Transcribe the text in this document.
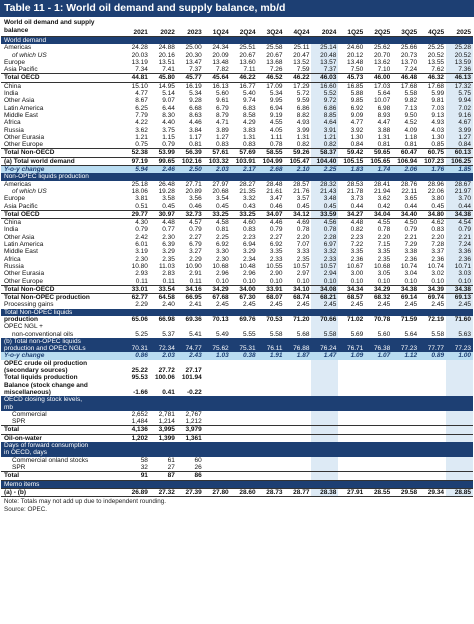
Table 11 - 1: World oil demand and supply balance, mb/d
World oil demand and supply
balance	2021	2022	2023	1Q24	2Q24	3Q24	4Q24	2024	1Q25	2Q25	3Q25	4Q25	2025
World demand													
Americas	24.28	24.88	25.00	24.34	25.51	25.58	25.11	25.14	24.60	25.62	25.66	25.25	25.28
of which US	20.03	20.16	20.30	20.09	20.67	20.67	20.47	20.48	20.12	20.70	20.73	20.52	20.52
Europe	13.19	13.51	13.47	13.48	13.60	13.68	13.52	13.57	13.48	13.62	13.70	13.55	13.59
Asia Pacific	7.34	7.41	7.37	7.82	7.11	7.26	7.59	7.37	7.50	7.10	7.24	7.62	7.36
Total OECD	44.81	45.80	45.77	45.64	46.22	46.52	46.22	46.03	45.73	46.00	46.48	46.32	46.13
China	15.10	14.95	16.19	16.13	16.77	17.09	17.29	16.60	16.85	17.03	17.68	17.68	17.32
India	4.77	5.14	5.34	5.60	5.40	5.34	5.72	5.52	5.88	5.64	5.58	5.99	5.75
Other Asia	8.67	9.07	9.28	9.61	9.74	9.95	9.59	9.72	9.85	10.07	9.82	9.81	9.94
Latin America	6.25	6.44	6.68	6.79	6.83	6.94	6.86	6.86	6.92	6.98	7.13	7.03	7.02
Middle East	7.79	8.30	8.63	8.79	8.58	9.19	8.82	8.85	9.09	8.93	9.50	9.13	9.16
Africa	4.22	4.40	4.46	4.71	4.29	4.55	4.93	4.64	4.77	4.47	4.52	4.93	4.67
Russia	3.62	3.75	3.84	3.89	3.83	4.05	3.99	3.91	3.92	3.88	4.09	4.03	3.99
Other Eurasia	1.21	1.15	1.17	1.27	1.31	1.11	1.31	1.21	1.30	1.31	1.18	1.30	1.27
Other Europe	0.75	0.79	0.81	0.83	0.83	0.78	0.82	0.82	0.84	0.81	0.81	0.85	0.84
Total Non-OECD	52.38	53.99	56.39	57.61	57.69	58.55	59.26	58.37	59.42	59.65	60.47	60.75	60.13
(a) Total world demand	97.19	99.65	102.16	103.32	103.91	104.99	105.47	104.40	105.15	105.65	106.94	107.23	106.25
Y-o-y change	5.94	2.46	2.50	2.03	2.17	2.68	2.10	2.25	1.83	1.74	2.06	1.76	1.85
Non-OPEC liquids production													
Americas	25.18	26.48	27.71	27.97	28.27	28.48	28.57	28.32	28.53	28.41	28.76	28.96	28.67
of which US	18.06	19.28	20.89	20.68	21.35	21.61	21.76	21.43	21.78	21.94	22.11	22.06	21.97
Europe	3.81	3.58	3.56	3.54	3.32	3.47	3.57	3.48	3.73	3.62	3.65	3.80	3.70
Asia Pacific	0.51	0.45	0.46	0.45	0.43	0.46	0.45	0.45	0.44	0.42	0.44	0.45	0.44
Total OECD	29.77	30.97	32.73	33.25	33.25	34.07	34.12	33.59	34.27	34.04	34.40	34.80	34.38
China	4.30	4.48	4.57	4.58	4.60	4.46	4.69	4.56	4.48	4.55	4.50	4.62	4.54
India	0.79	0.77	0.79	0.81	0.83	0.79	0.78	0.78	0.82	0.78	0.79	0.83	0.79
Other Asia	2.42	2.30	2.27	2.25	2.23	2.27	2.20	2.28	2.23	2.20	2.21	2.20	2.21
Latin America	6.01	6.39	6.79	6.92	6.94	6.92	7.07	6.97	7.22	7.15	7.29	7.28	7.24
Middle East	3.19	3.29	3.27	3.30	3.29	3.35	3.33	3.32	3.35	3.35	3.38	3.37	3.36
Africa	2.30	2.35	2.29	2.30	2.34	2.33	2.35	2.33	2.36	2.35	2.36	2.36	2.36
Russia	10.80	11.03	10.90	10.68	10.48	10.55	10.57	10.57	10.67	10.68	10.74	10.74	10.71
Other Eurasia	2.93	2.83	2.91	2.96	2.96	2.90	2.97	2.94	3.00	3.05	3.04	3.02	3.03
Other Europe	0.11	0.11	0.11	0.10	0.10	0.10	0.10	0.10	0.10	0.10	0.10	0.10	0.10
Total Non-OECD	33.01	33.54	34.16	34.29	34.00	33.91	34.10	34.08	34.34	34.29	34.38	34.39	34.38
Total Non-OPEC production	62.77	64.58	66.95	67.68	67.30	68.07	68.74	68.21	68.57	68.32	69.14	69.74	69.13
Processing gains	2.29	2.40	2.41	2.45	2.45	2.45	2.45	2.45	2.45	2.45	2.45	2.45	2.45
Total Non-OPEC liquids													
production	65.06	66.98	69.36	70.13	69.76	70.53	71.20	70.66	71.02	70.78	71.59	72.19	71.60
OPEC NGL +													
non-conventional oils	5.25	5.37	5.41	5.49	5.55	5.58	5.68	5.58	5.69	5.60	5.64	5.58	5.63
(b) Total non-OPEC liquids													
production and OPEC NGLs	70.31	72.34	74.77	75.62	75.31	76.11	76.88	76.24	76.71	76.38	77.23	77.77	77.23
Y-o-y change	0.86	2.03	2.43	1.03	0.38	1.91	1.87	1.47	1.09	1.07	1.12	0.89	1.00
OPEC crude oil production													
(secondary sources)	25.22	27.72	27.17										
Total liquids production	95.53	100.06	101.94										
Balance (stock change and													
miscellaneous)	-1.66	0.41	-0.22										
OECD closing stock levels,													
mb													
Commercial	2,652	2,781	2,767										
SPR	1,484	1,214	1,212										
Total	4,136	3,995	3,979										
Oil-on-water	1,202	1,399	1,361										
Days of forward consumption													
in OECD, days													
Commercial onland stocks	58	61	60										
SPR	32	27	26										
Total	91	87	86										
Memo items													
(a) - (b)	26.89	27.32	27.39	27.80	28.60	28.73	28.77	28.38	27.91	28.55	29.58	29.34	28.85
Note: Totals may not add up due to independent rounding.
Source: OPEC.
